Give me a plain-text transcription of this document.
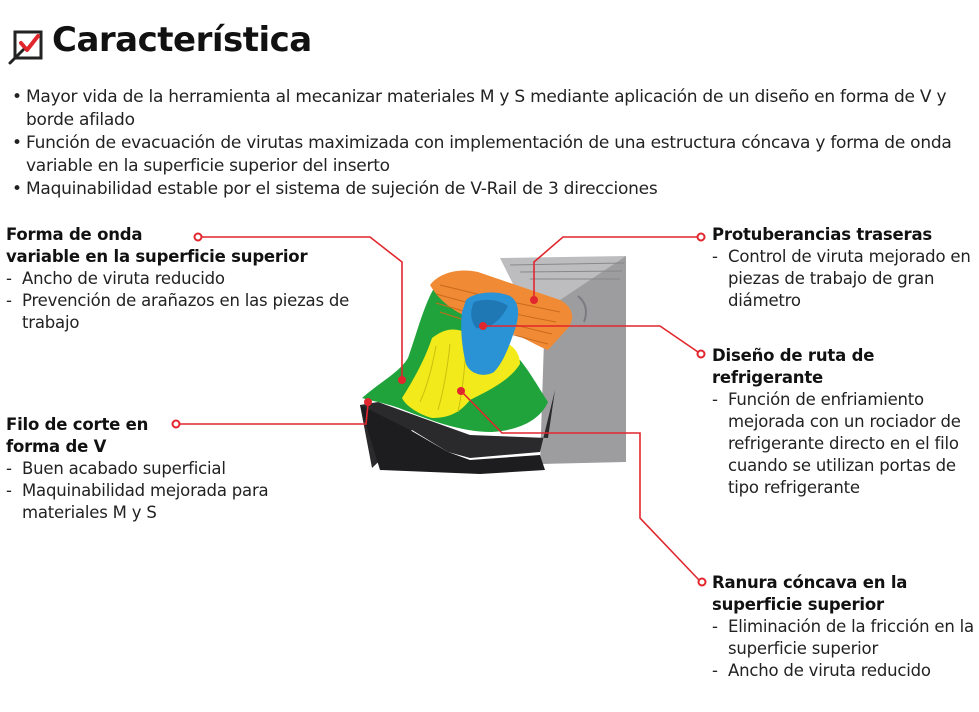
Característica
• Mayor vida de la herramienta al mecanizar materiales M y S mediante aplicación de un diseño en forma de V y borde afilado
• Función de evacuación de virutas maximizada con implementación de una estructura cóncava y forma de onda variable en la superficie superior del inserto
• Maquinabilidad estable por el sistema de sujeción de V-Rail de 3 direcciones
Forma de onda
variable en la superficie superior
- Ancho de viruta reducido
- Prevención de arañazos en las piezas de trabajo
Filo de corte en
forma de V
- Buen acabado superficial
- Maquinabilidad mejorada para materiales M y S
Protuberancias traseras
- Control de viruta mejorado en piezas de trabajo de gran diámetro
Diseño de ruta de
refrigerante
- Función de enfriamiento mejorada con un rociador de refrigerante directo en el filo cuando se utilizan portas de tipo refrigerante
Ranura cóncava en la
superficie superior
- Eliminación de la fricción en la superficie superior
- Ancho de viruta reducido
